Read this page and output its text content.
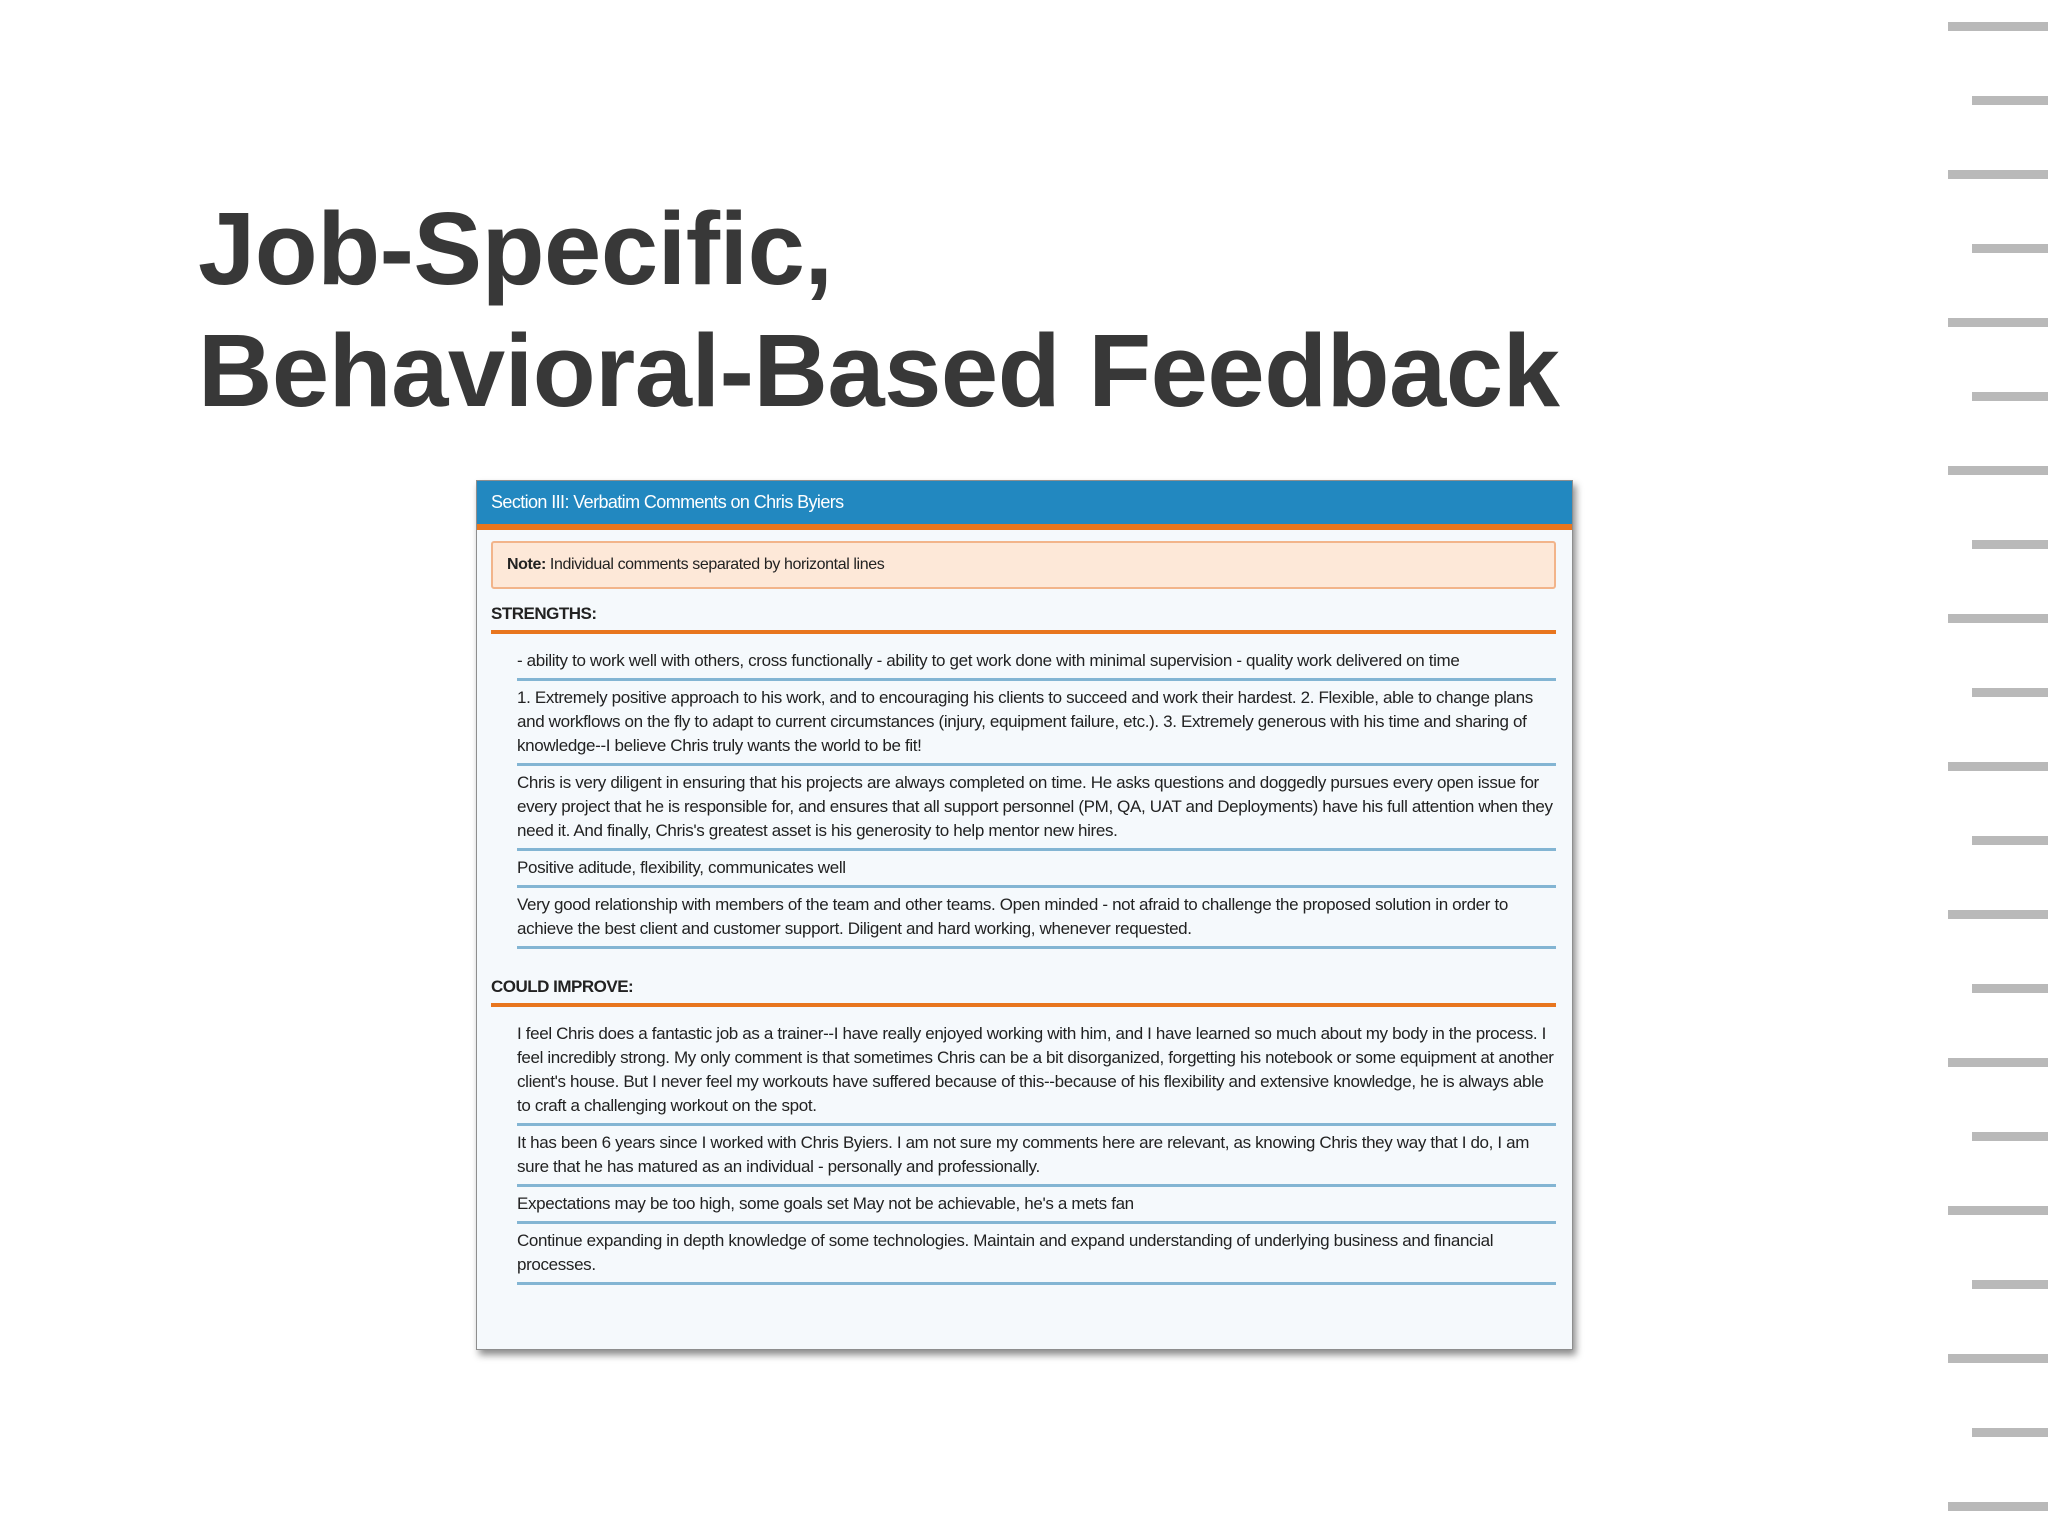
Job-Specific,
Behavioral-Based Feedback
Section III: Verbatim Comments on Chris Byiers
Note: Individual comments separated by horizontal lines
STRENGTHS:
- ability to work well with others, cross functionally - ability to get work done with minimal supervision - quality work delivered on time
1. Extremely positive approach to his work, and to encouraging his clients to succeed and work their hardest. 2. Flexible, able to change plans and workflows on the fly to adapt to current circumstances (injury, equipment failure, etc.). 3. Extremely generous with his time and sharing of knowledge--I believe Chris truly wants the world to be fit!
Chris is very diligent in ensuring that his projects are always completed on time. He asks questions and doggedly pursues every open issue for every project that he is responsible for, and ensures that all support personnel (PM, QA, UAT and Deployments) have his full attention when they need it. And finally, Chris's greatest asset is his generosity to help mentor new hires.
Positive aditude, flexibility, communicates well
Very good relationship with members of the team and other teams. Open minded - not afraid to challenge the proposed solution in order to achieve the best client and customer support. Diligent and hard working, whenever requested.
COULD IMPROVE:
I feel Chris does a fantastic job as a trainer--I have really enjoyed working with him, and I have learned so much about my body in the process. I feel incredibly strong. My only comment is that sometimes Chris can be a bit disorganized, forgetting his notebook or some equipment at another client's house. But I never feel my workouts have suffered because of this--because of his flexibility and extensive knowledge, he is always able to craft a challenging workout on the spot.
It has been 6 years since I worked with Chris Byiers. I am not sure my comments here are relevant, as knowing Chris they way that I do, I am sure that he has matured as an individual - personally and professionally.
Expectations may be too high, some goals set May not be achievable, he's a mets fan
Continue expanding in depth knowledge of some technologies. Maintain and expand understanding of underlying business and financial processes.
